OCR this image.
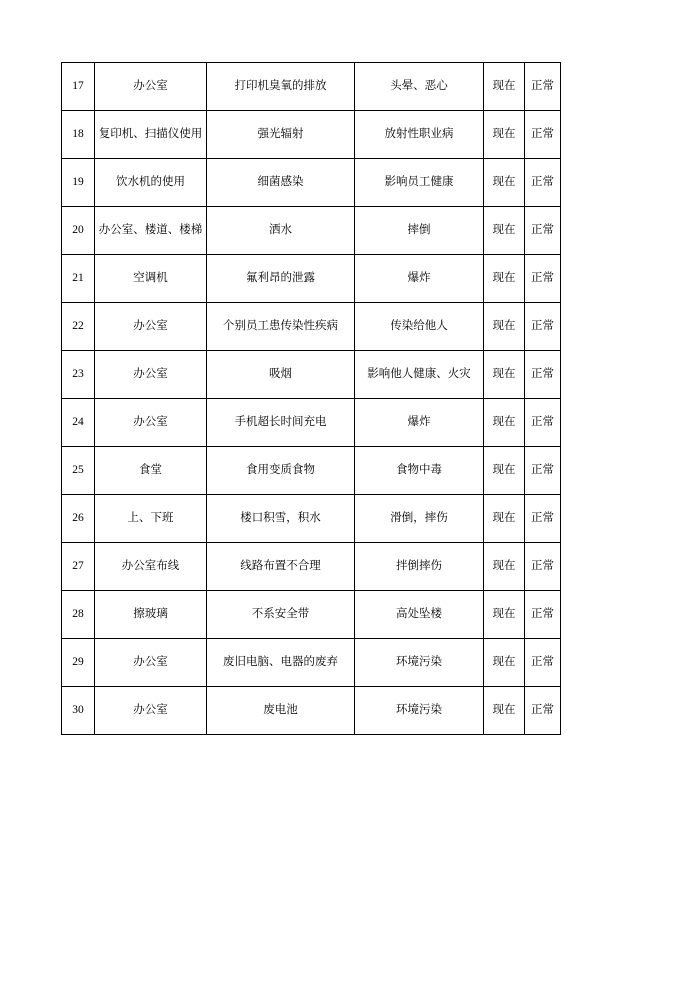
17	办公室	打印机臭氧的排放	头晕、恶心	现在	正常
18	复印机、扫描仪使用	强光辐射	放射性职业病	现在	正常
19	饮水机的使用	细菌感染	影响员工健康	现在	正常
20	办公室、楼道、楼梯	洒水	摔倒	现在	正常
21	空调机	氟利昂的泄露	爆炸	现在	正常
22	办公室	个别员工患传染性疾病	传染给他人	现在	正常
23	办公室	吸烟	影响他人健康、火灾	现在	正常
24	办公室	手机超长时间充电	爆炸	现在	正常
25	食堂	食用变质食物	食物中毒	现在	正常
26	上、下班	楼口积雪，积水	滑倒，摔伤	现在	正常
27	办公室布线	线路布置不合理	拌倒摔伤	现在	正常
28	擦玻璃	不系安全带	高处坠楼	现在	正常
29	办公室	废旧电脑、电器的废弃	环境污染	现在	正常
30	办公室	废电池	环境污染	现在	正常
